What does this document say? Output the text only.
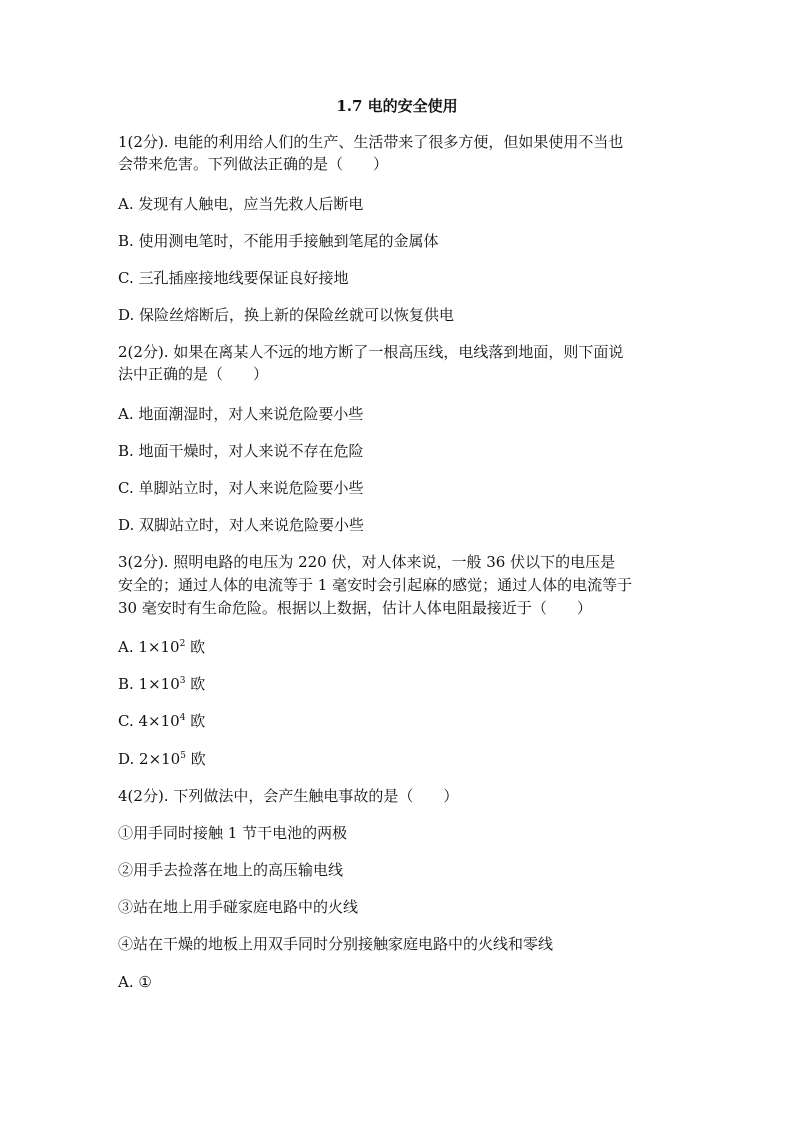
1.7 电的安全使用
1(2分). 电能的利用给人们的生产、生活带来了很多方便，但如果使用不当也
会带来危害。下列做法正确的是（　　）
A. 发现有人触电，应当先救人后断电
B. 使用测电笔时，不能用手接触到笔尾的金属体
C. 三孔插座接地线要保证良好接地
D. 保险丝熔断后，换上新的保险丝就可以恢复供电
2(2分). 如果在离某人不远的地方断了一根高压线，电线落到地面，则下面说
法中正确的是（　　）
A. 地面潮湿时，对人来说危险要小些
B. 地面干燥时，对人来说不存在危险
C. 单脚站立时，对人来说危险要小些
D. 双脚站立时，对人来说危险要小些
3(2分). 照明电路的电压为 220 伏，对人体来说，一般 36 伏以下的电压是
安全的；通过人体的电流等于 1 毫安时会引起麻的感觉；通过人体的电流等于
30 毫安时有生命危险。根据以上数据，估计人体电阻最接近于（　　）
A. $1\times 10^2$ 欧
B. $1\times 10^3$ 欧
C. $4\times 10^4$ 欧
D. $2\times 10^5$ 欧
4(2分). 下列做法中，会产生触电事故的是（　　）
①用手同时接触 1 节干电池的两极
②用手去捡落在地上的高压输电线
③站在地上用手碰家庭电路中的火线
④站在干燥的地板上用双手同时分别接触家庭电路中的火线和零线
A. ①
